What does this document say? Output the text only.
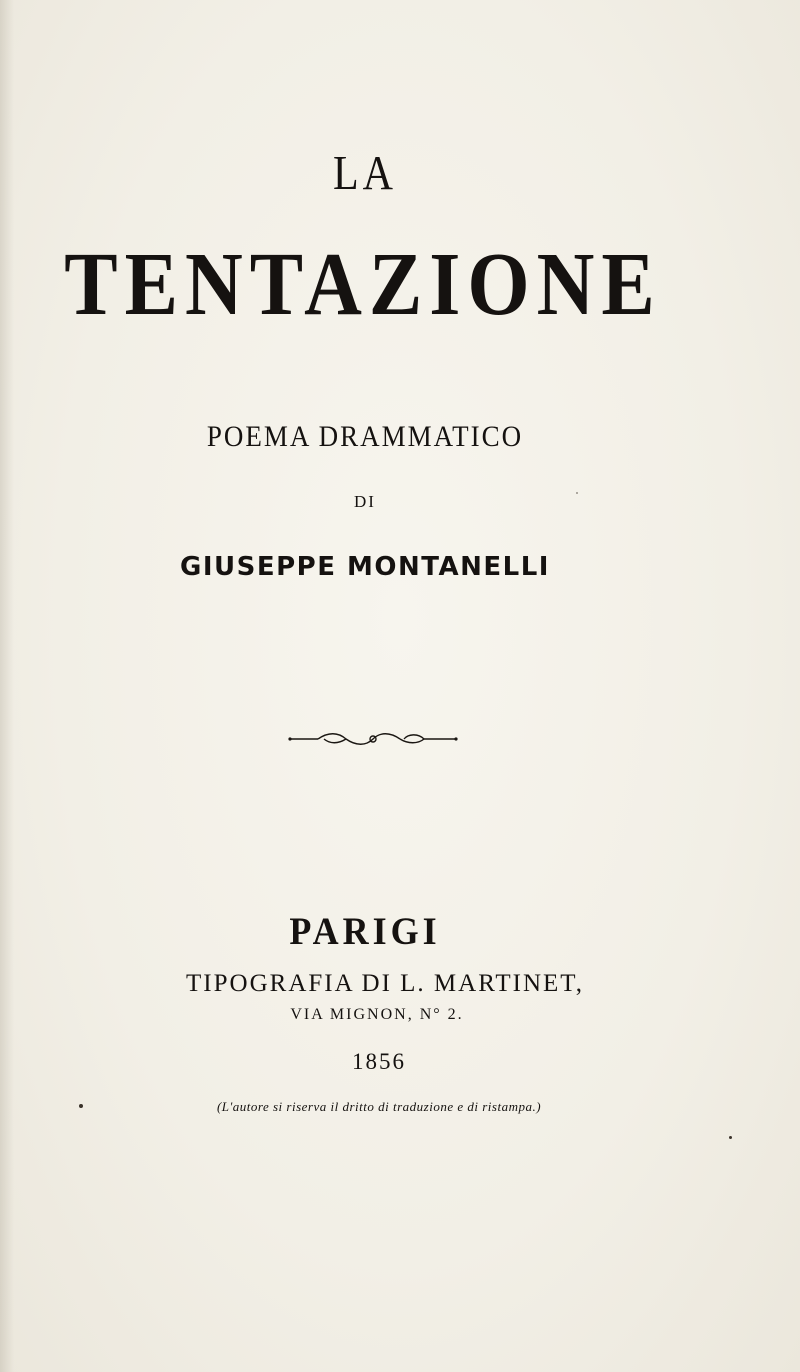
LA
TENTAZIONE
POEMA DRAMMATICO
DI
GIUSEPPE MONTANELLI
PARIGI
TIPOGRAFIA DI L. MARTINET,
VIA MIGNON, N° 2.
1856
(L'autore si riserva il dritto di traduzione e di ristampa.)
